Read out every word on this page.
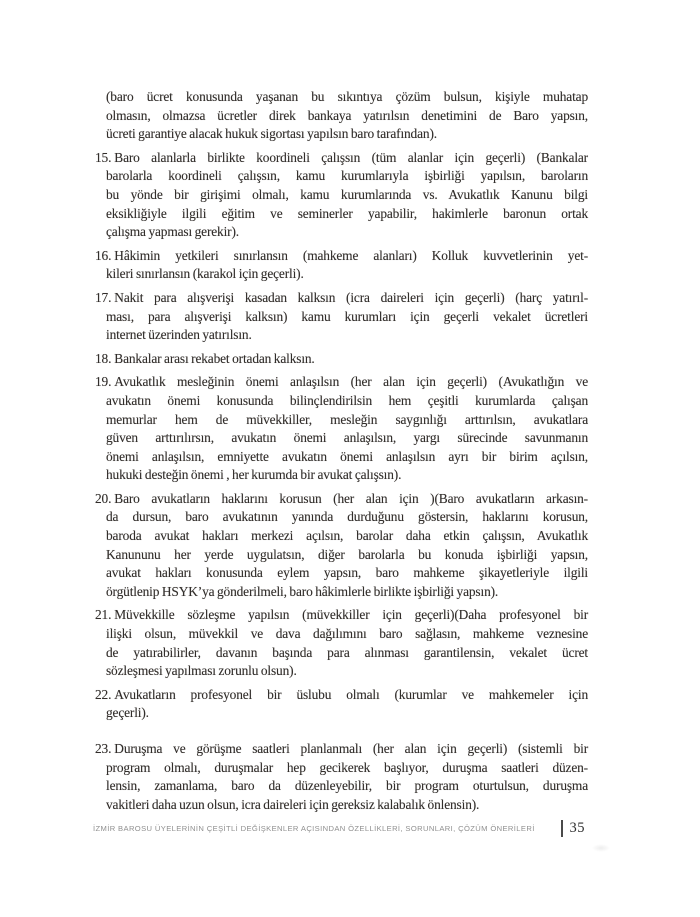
(baro ücret konusunda yaşanan bu sıkıntıya çözüm bulsun, kişiyle muhatap
olmasın, olmazsa ücretler direk bankaya yatırılsın denetimini de Baro yapsın,
ücreti garantiye alacak hukuk sigortası yapılsın baro tarafından).
15. Baro alanlarla birlikte koordineli çalışsın (tüm alanlar için geçerli) (Bankalar
barolarla koordineli çalışsın, kamu kurumlarıyla işbirliği yapılsın, baroların
bu yönde bir girişimi olmalı, kamu kurumlarında vs. Avukatlık Kanunu bilgi
eksikliğiyle ilgili eğitim ve seminerler yapabilir, hakimlerle baronun ortak
çalışma yapması gerekir).
16. Hâkimin yetkileri sınırlansın (mahkeme alanları) Kolluk kuvvetlerinin yet-
kileri sınırlansın (karakol için geçerli).
17. Nakit para alışverişi kasadan kalksın (icra daireleri için geçerli) (harç yatırıl-
ması, para alışverişi kalksın) kamu kurumları için geçerli vekalet ücretleri
internet üzerinden yatırılsın.
18. Bankalar arası rekabet ortadan kalksın.
19. Avukatlık mesleğinin önemi anlaşılsın (her alan için geçerli) (Avukatlığın ve
avukatın önemi konusunda bilinçlendirilsin hem çeşitli kurumlarda çalışan
memurlar hem de müvekkiller, mesleğin saygınlığı arttırılsın, avukatlara
güven arttırılırsın, avukatın önemi anlaşılsın, yargı sürecinde savunmanın
önemi anlaşılsın, emniyette avukatın önemi anlaşılsın ayrı bir birim açılsın,
hukuki desteğin önemi , her kurumda bir avukat çalışsın).
20. Baro avukatların haklarını korusun (her alan için )(Baro avukatların arkasın-
da dursun, baro avukatının yanında durduğunu göstersin, haklarını korusun,
baroda avukat hakları merkezi açılsın, barolar daha etkin çalışsın, Avukatlık
Kanununu her yerde uygulatsın, diğer barolarla bu konuda işbirliği yapsın,
avukat hakları konusunda eylem yapsın, baro mahkeme şikayetleriyle ilgili
örgütlenip HSYK’ya gönderilmeli, baro hâkimlerle birlikte işbirliği yapsın).
21. Müvekkille sözleşme yapılsın (müvekkiller için geçerli)(Daha profesyonel bir
ilişki olsun, müvekkil ve dava dağılımını baro sağlasın, mahkeme veznesine
de yatırabilirler, davanın başında para alınması garantilensin, vekalet ücret
sözleşmesi yapılması zorunlu olsun).
22. Avukatların profesyonel bir üslubu olmalı (kurumlar ve mahkemeler için
geçerli).
23. Duruşma ve görüşme saatleri planlanmalı (her alan için geçerli) (sistemli bir
program olmalı, duruşmalar hep gecikerek başlıyor, duruşma saatleri düzen-
lensin, zamanlama, baro da düzenleyebilir, bir program oturtulsun, duruşma
vakitleri daha uzun olsun, icra daireleri için gereksiz kalabalık önlensin).
İZMİR BAROSU ÜYELERİNİN ÇEŞİTLİ DEĞİŞKENLER AÇISINDAN ÖZELLİKLERİ, SORUNLARI, ÇÖZÜM ÖNERİLERİ	35
